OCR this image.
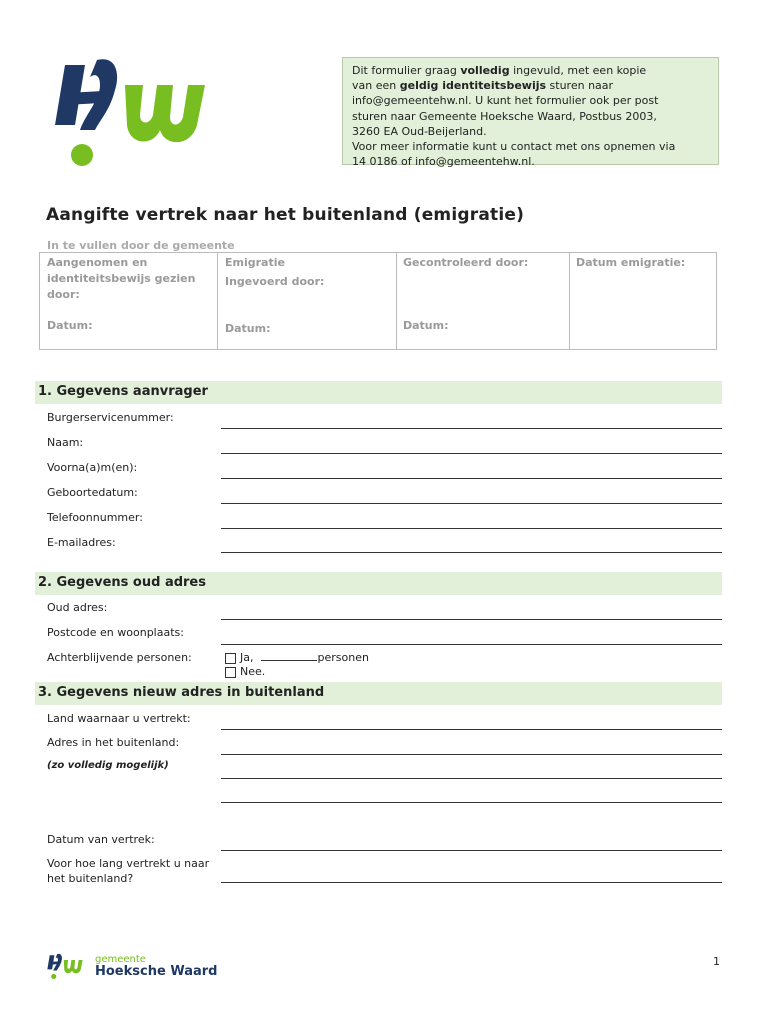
Dit formulier graag volledig ingevuld, met een kopie
van een geldig identiteitsbewijs sturen naar
info@gemeentehw.nl. U kunt het formulier ook per post
sturen naar Gemeente Hoeksche Waard, Postbus 2003,
3260 EA Oud-Beijerland.
Voor meer informatie kunt u contact met ons opnemen via
14 0186 of info@gemeentehw.nl.
Aangifte vertrek naar het buitenland (emigratie)
In te vullen door de gemeente
Aangenomen en
identiteitsbewijs gezien
door:
Datum:
Emigratie
Ingevoerd door:
Datum:
Gecontroleerd door:
Datum:
Datum emigratie:
1. Gegevens aanvrager
Burgerservicenummer:
Naam:
Voorna(a)m(en):
Geboortedatum:
Telefoonnummer:
E-mailadres:
2. Gegevens oud adres
Oud adres:
Postcode en woonplaats:
Achterblijvende personen:	Ja,	personen
Nee.
3. Gegevens nieuw adres in buitenland
Land waarnaar u vertrekt:
Adres in het buitenland:
(zo volledig mogelijk)
Datum van vertrek:
Voor hoe lang vertrekt u naar
het buitenland?
gemeente
Hoeksche Waard
1
